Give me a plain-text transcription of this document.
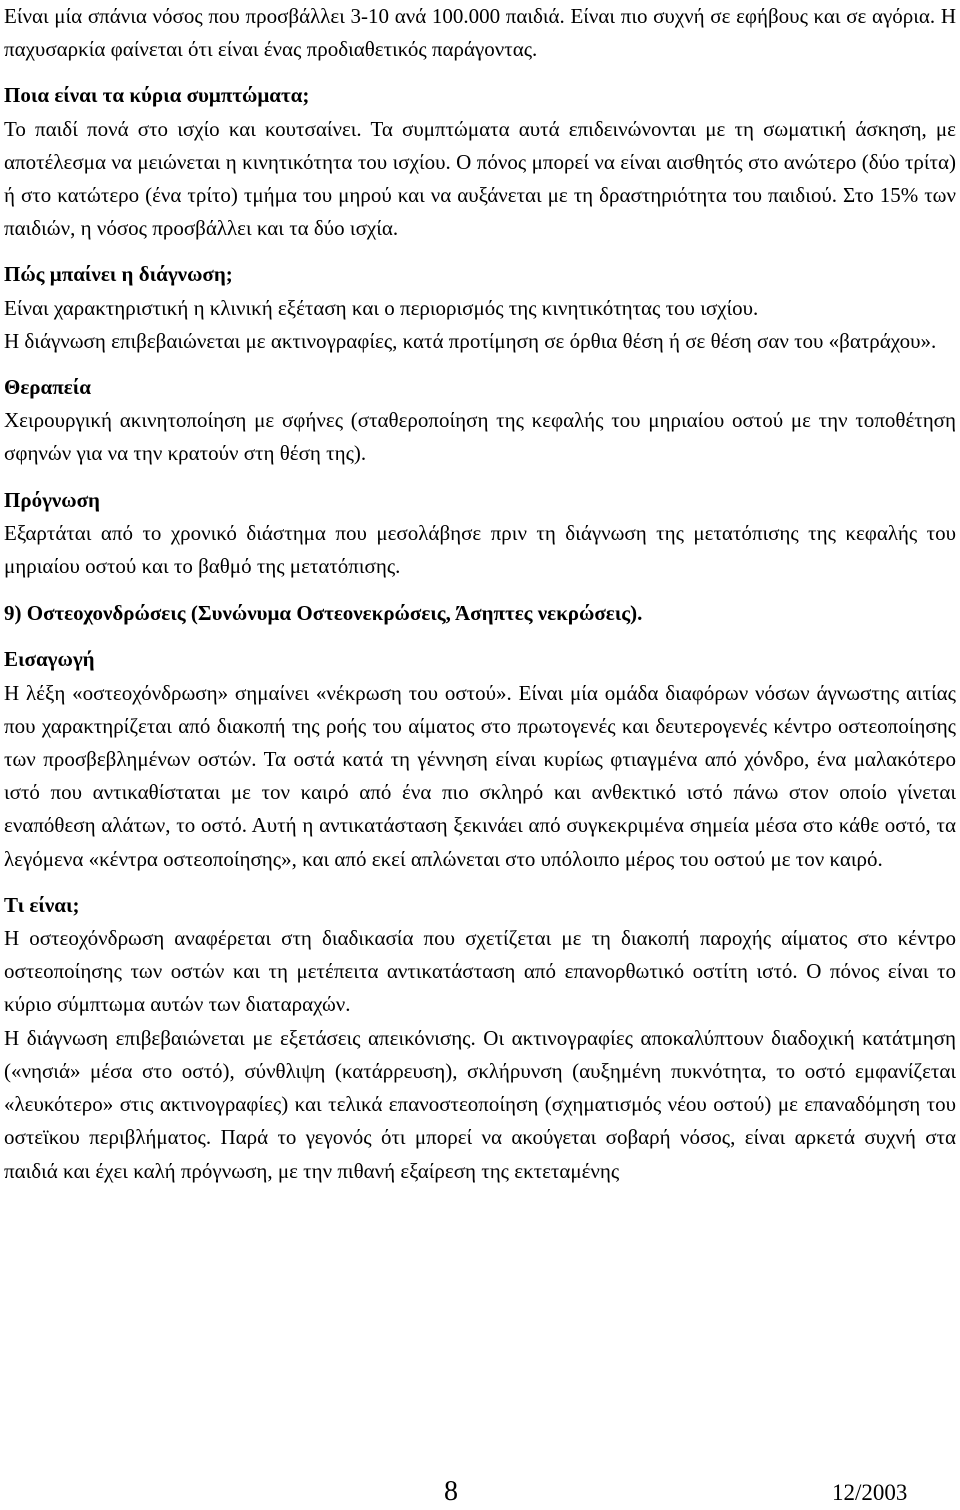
Είναι μία σπάνια νόσος που προσβάλλει 3-10 ανά 100.000 παιδιά. Είναι πιο συχνή σε εφήβους και σε αγόρια. Η παχυσαρκία φαίνεται ότι είναι ένας προδιαθετικός παράγοντας.

Ποια είναι τα κύρια συμπτώματα;

Το παιδί πονά στο ισχίο και κουτσαίνει. Τα συμπτώματα αυτά επιδεινώνονται με τη σωματική άσκηση, με αποτέλεσμα να μειώνεται η κινητικότητα του ισχίου. Ο πόνος μπορεί να είναι αισθητός στο ανώτερο (δύο τρίτα) ή στο κατώτερο (ένα τρίτο) τμήμα του μηρού και να αυξάνεται με τη δραστηριότητα του παιδιού. Στο 15% των παιδιών, η νόσος προσβάλλει και τα δύο ισχία.

Πώς μπαίνει η διάγνωση;

Είναι χαρακτηριστική η κλινική εξέταση και ο περιορισμός της κινητικότητας του ισχίου.

Η διάγνωση επιβεβαιώνεται με ακτινογραφίες, κατά προτίμηση σε όρθια θέση ή σε θέση σαν του «βατράχου».

Θεραπεία

Χειρουργική ακινητοποίηση με σφήνες (σταθεροποίηση της κεφαλής του μηριαίου οστού με την τοποθέτηση σφηνών για να την κρατούν στη θέση της).

Πρόγνωση

Εξαρτάται από το χρονικό διάστημα που μεσολάβησε πριν τη διάγνωση της μετατόπισης της κεφαλής του μηριαίου οστού και το βαθμό της μετατόπισης.

9) Οστεοχονδρώσεις (Συνώνυμα Οστεονεκρώσεις, Άσηπτες νεκρώσεις).

Εισαγωγή

Η λέξη «οστεοχόνδρωση» σημαίνει «νέκρωση του οστού». Είναι μία ομάδα διαφόρων νόσων άγνωστης αιτίας που χαρακτηρίζεται από διακοπή της ροής του αίματος στο πρωτογενές και δευτερογενές κέντρο οστεοποίησης των προσβεβλημένων οστών. Τα οστά κατά τη γέννηση είναι κυρίως φτιαγμένα από χόνδρο, ένα μαλακότερο ιστό που αντικαθίσταται με τον καιρό από ένα πιο σκληρό και ανθεκτικό ιστό πάνω στον οποίο γίνεται εναπόθεση αλάτων, το οστό. Αυτή η αντικατάσταση ξεκινάει από συγκεκριμένα σημεία μέσα στο κάθε οστό, τα λεγόμενα «κέντρα οστεοποίησης», και από εκεί απλώνεται στο υπόλοιπο μέρος του οστού με τον καιρό.

Τι είναι;

Η οστεοχόνδρωση αναφέρεται στη διαδικασία που σχετίζεται με τη διακοπή παροχής αίματος στο κέντρο οστεοποίησης των οστών και τη μετέπειτα αντικατάσταση από επανορθωτικό οστίτη ιστό. Ο πόνος είναι το κύριο σύμπτωμα αυτών των διαταραχών.

Η διάγνωση επιβεβαιώνεται με εξετάσεις απεικόνισης. Οι ακτινογραφίες αποκαλύπτουν διαδοχική κατάτμηση («νησιά» μέσα στο οστό), σύνθλιψη (κατάρρευση), σκλήρυνση (αυξημένη πυκνότητα, το οστό εμφανίζεται «λευκότερο» στις ακτινογραφίες) και τελικά επανοστεοποίηση (σχηματισμός νέου οστού) με επαναδόμηση του οστεϊκου περιβλήματος. Παρά το γεγονός ότι μπορεί να ακούγεται σοβαρή νόσος, είναι αρκετά συχνή στα παιδιά και έχει καλή πρόγνωση, με την πιθανή εξαίρεση της εκτεταμένης

8	12/2003
